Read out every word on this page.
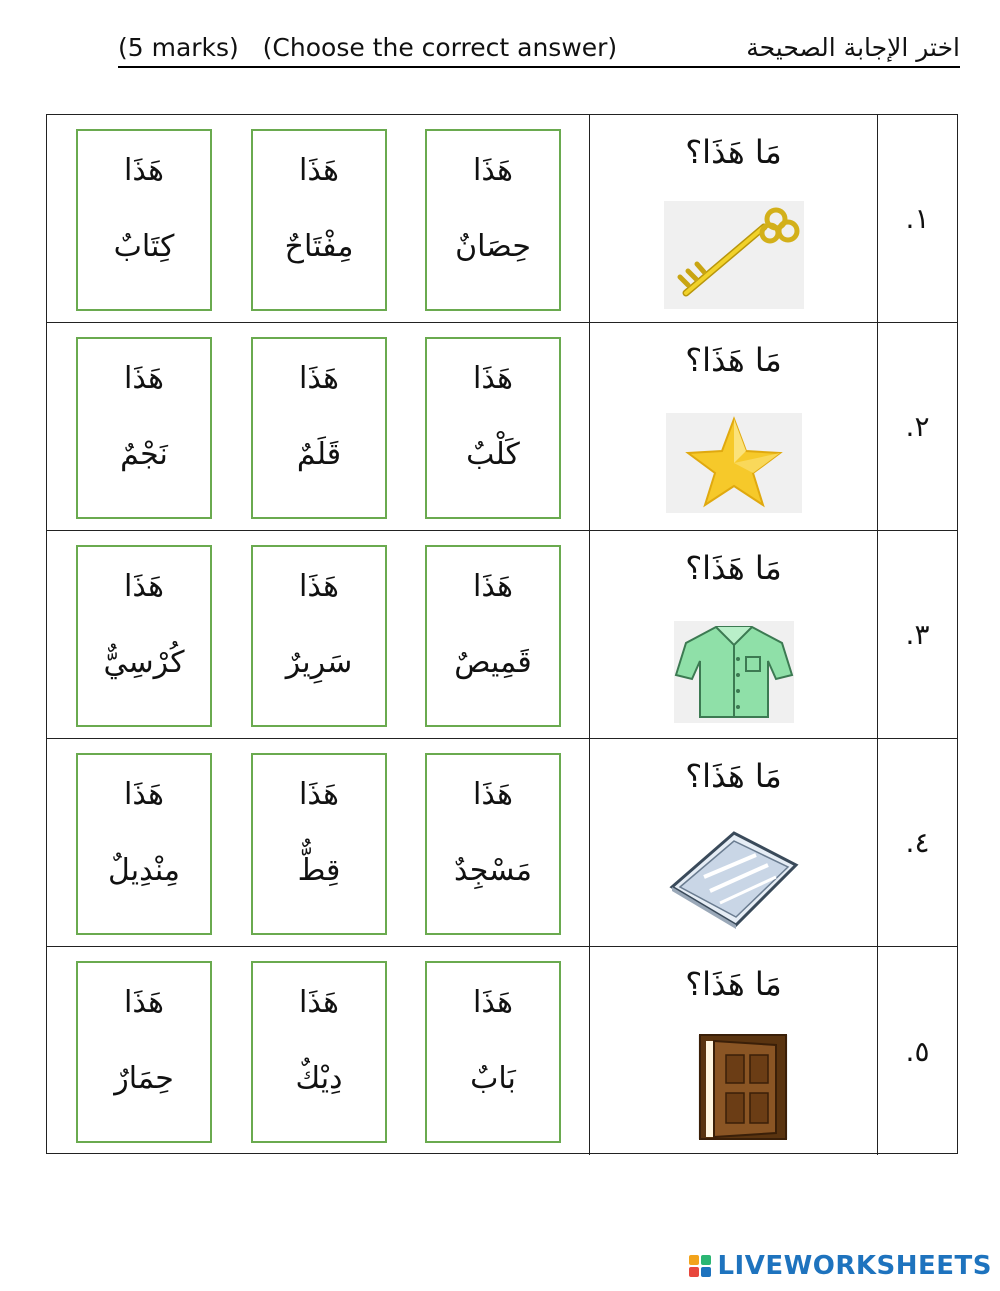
(5 marks) (Choose the correct answer)	اختر الإجابة الصحيحة
١.
مَا هَذَا؟
هَذَا
حِصَانٌ
هَذَا
مِفْتَاحٌ
هَذَا
كِتَابٌ
٢.
مَا هَذَا؟
هَذَا
كَلْبٌ
هَذَا
قَلَمٌ
هَذَا
نَجْمٌ
٣.
مَا هَذَا؟
هَذَا
قَمِيصٌ
هَذَا
سَرِيرٌ
هَذَا
كُرْسِيٌّ
٤.
مَا هَذَا؟
هَذَا
مَسْجِدٌ
هَذَا
قِطٌّ
هَذَا
مِنْدِيلٌ
٥.
مَا هَذَا؟
هَذَا
بَابٌ
هَذَا
دِيْكٌ
هَذَا
حِمَارٌ
LIVEWORKSHEETS
